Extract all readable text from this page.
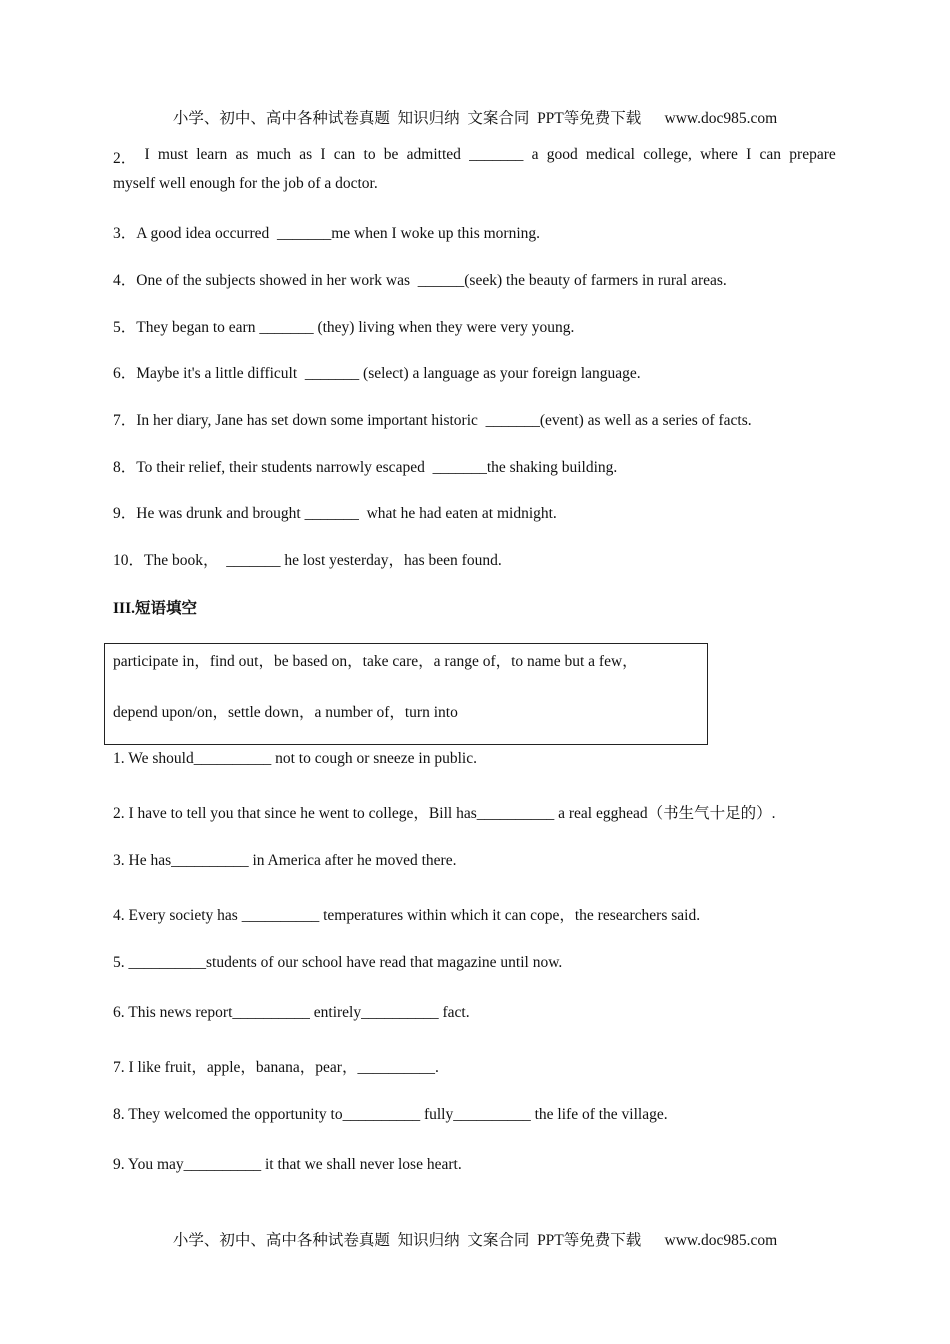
小学、初中、高中各种试卷真题  知识归纳  文案合同  PPT等免费下载      www.doc985.com
2． I must learn as much as I can to be admitted _______ a good medical college, where I can prepare
myself well enough for the job of a doctor.
3．A good idea occurred  _______me when I woke up this morning.
4．One of the subjects showed in her work was  ______(seek) the beauty of farmers in rural areas.
5．They began to earn _______ (they) living when they were very young.
6．Maybe it's a little difficult  _______ (select) a language as your foreign language.
7．In her diary, Jane has set down some important historic  _______(event) as well as a series of facts.
8．To their relief, their students narrowly escaped  _______the shaking building.
9．He was drunk and brought _______  what he had eaten at midnight.
10．The book，  _______ he lost yesterday，has been found.
III.短语填空
participate in，find out，be based on，take care，a range of，to name but a few，
depend upon/on，settle down，a number of，turn into
1. We should__________ not to cough or sneeze in public.
2. I have to tell you that since he went to college，Bill has__________ a real egghead（书生气十足的）.
3. He has__________ in America after he moved there.
4. Every society has __________ temperatures within which it can cope，the researchers said.
5. __________students of our school have read that magazine until now.
6. This news report__________ entirely__________ fact.
7. I like fruit，apple，banana，pear，__________.
8. They welcomed the opportunity to__________ fully__________ the life of the village.
9. You may__________ it that we shall never lose heart.
小学、初中、高中各种试卷真题  知识归纳  文案合同  PPT等免费下载      www.doc985.com
